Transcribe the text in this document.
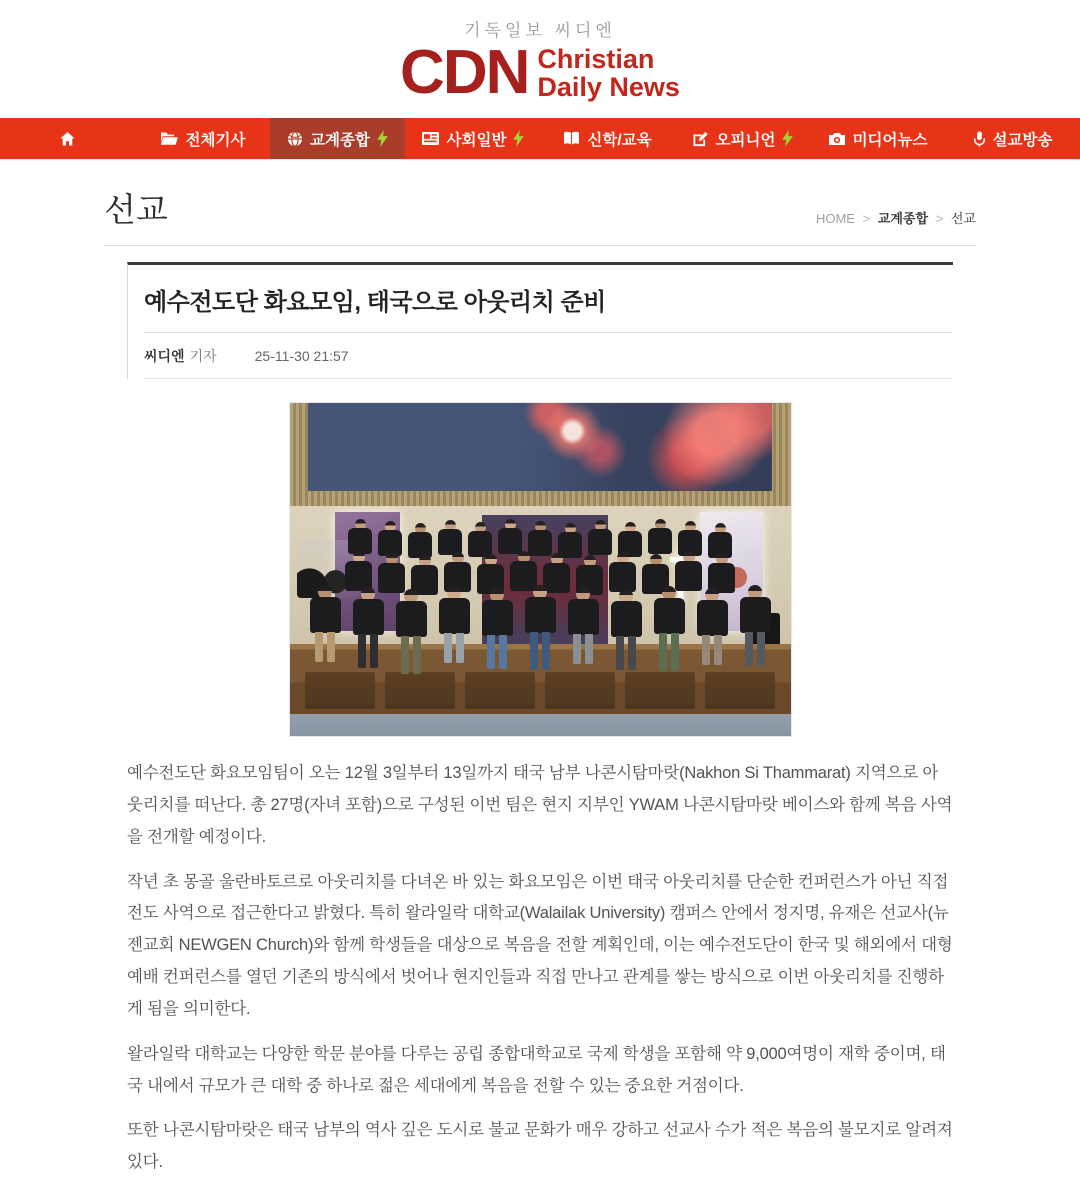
기독일보 씨디엔
CDN Christian
Daily News
전체기사	교계종합	사회일반	신학/교육	오피니언	미디어뉴스	설교방송
선교	HOME > 교계종합 > 선교
예수전도단 화요모임, 태국으로 아웃리치 준비
씨디엔 기자	25-11-30 21:57

예수전도단 화요모임팀이 오는 12월 3일부터 13일까지 태국 남부 나콘시탐마랏(Nakhon Si Thammarat) 지역으로 아웃리치를 떠난다. 총 27명(자녀 포함)으로 구성된 이번 팀은 현지 지부인 YWAM 나콘시탐마랏 베이스와 함께 복음 사역을 전개할 예정이다.

작년 초 몽골 울란바토르로 아웃리치를 다녀온 바 있는 화요모임은 이번 태국 아웃리치를 단순한 컨퍼런스가 아닌 직접 전도 사역으로 접근한다고 밝혔다. 특히 왈라일락 대학교(Walailak University) 캠퍼스 안에서 정지명, 유재은 선교사(뉴젠교회 NEWGEN Church)와 함께 학생들을 대상으로 복음을 전할 계획인데, 이는 예수전도단이 한국 및 해외에서 대형 예배 컨퍼런스를 열던 기존의 방식에서 벗어나 현지인들과 직접 만나고 관계를 쌓는 방식으로 이번 아웃리치를 진행하게 됨을 의미한다.

왈라일락 대학교는 다양한 학문 분야를 다루는 공립 종합대학교로 국제 학생을 포함해 약 9,000여명이 재학 중이며, 태국 내에서 규모가 큰 대학 중 하나로 젊은 세대에게 복음을 전할 수 있는 중요한 거점이다.

또한 나콘시탐마랏은 태국 남부의 역사 깊은 도시로 불교 문화가 매우 강하고 선교사 수가 적은 복음의 불모지로 알려져 있다.
